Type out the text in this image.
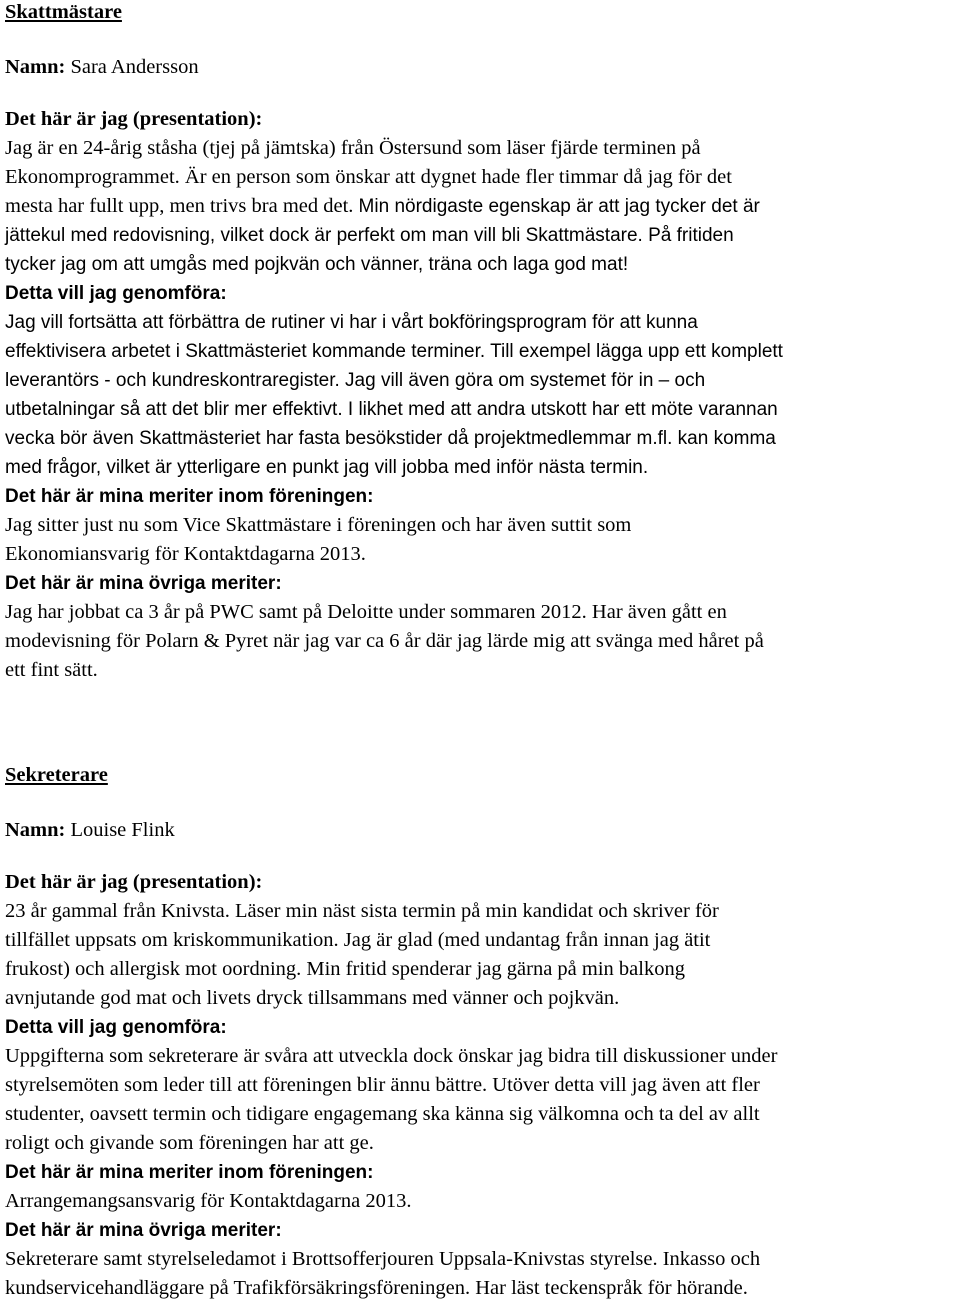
Skattmästare
Namn: Sara Andersson
Det här är jag (presentation):
Jag är en 24-årig ståsha (tjej på jämtska) från Östersund som läser fjärde terminen på
Ekonomprogrammet. Är en person som önskar att dygnet hade fler timmar då jag för det
mesta har fullt upp, men trivs bra med det. Min nördigaste egenskap är att jag tycker det är
jättekul med redovisning, vilket dock är perfekt om man vill bli Skattmästare. På fritiden
tycker jag om att umgås med pojkvän och vänner, träna och laga god mat!
Detta vill jag genomföra:
Jag vill fortsätta att förbättra de rutiner vi har i vårt bokföringsprogram för att kunna
effektivisera arbetet i Skattmästeriet kommande terminer. Till exempel lägga upp ett komplett
leverantörs - och kundreskontraregister. Jag vill även göra om systemet för in – och
utbetalningar så att det blir mer effektivt. I likhet med att andra utskott har ett möte varannan
vecka bör även Skattmästeriet har fasta besökstider då projektmedlemmar m.fl. kan komma
med frågor, vilket är ytterligare en punkt jag vill jobba med inför nästa termin.
Det här är mina meriter inom föreningen:
Jag sitter just nu som Vice Skattmästare i föreningen och har även suttit som
Ekonomiansvarig för Kontaktdagarna 2013.
Det här är mina övriga meriter:
Jag har jobbat ca 3 år på PWC samt på Deloitte under sommaren 2012. Har även gått en
modevisning för Polarn & Pyret när jag var ca 6 år där jag lärde mig att svänga med håret på
ett fint sätt.
Sekreterare
Namn: Louise Flink
Det här är jag (presentation):
23 år gammal från Knivsta. Läser min näst sista termin på min kandidat och skriver för
tillfället uppsats om kriskommunikation. Jag är glad (med undantag från innan jag ätit
frukost) och allergisk mot oordning. Min fritid spenderar jag gärna på min balkong
avnjutande god mat och livets dryck tillsammans med vänner och pojkvän.
Detta vill jag genomföra:
Uppgifterna som sekreterare är svåra att utveckla dock önskar jag bidra till diskussioner under
styrelsemöten som leder till att föreningen blir ännu bättre. Utöver detta vill jag även att fler
studenter, oavsett termin och tidigare engagemang ska känna sig välkomna och ta del av allt
roligt och givande som föreningen har att ge.
Det här är mina meriter inom föreningen:
Arrangemangsansvarig för Kontaktdagarna 2013.
Det här är mina övriga meriter:
Sekreterare samt styrelseledamot i Brottsofferjouren Uppsala-Knivstas styrelse. Inkasso och
kundservicehandläggare på Trafikförsäkringsföreningen. Har läst teckenspråk för hörande.
